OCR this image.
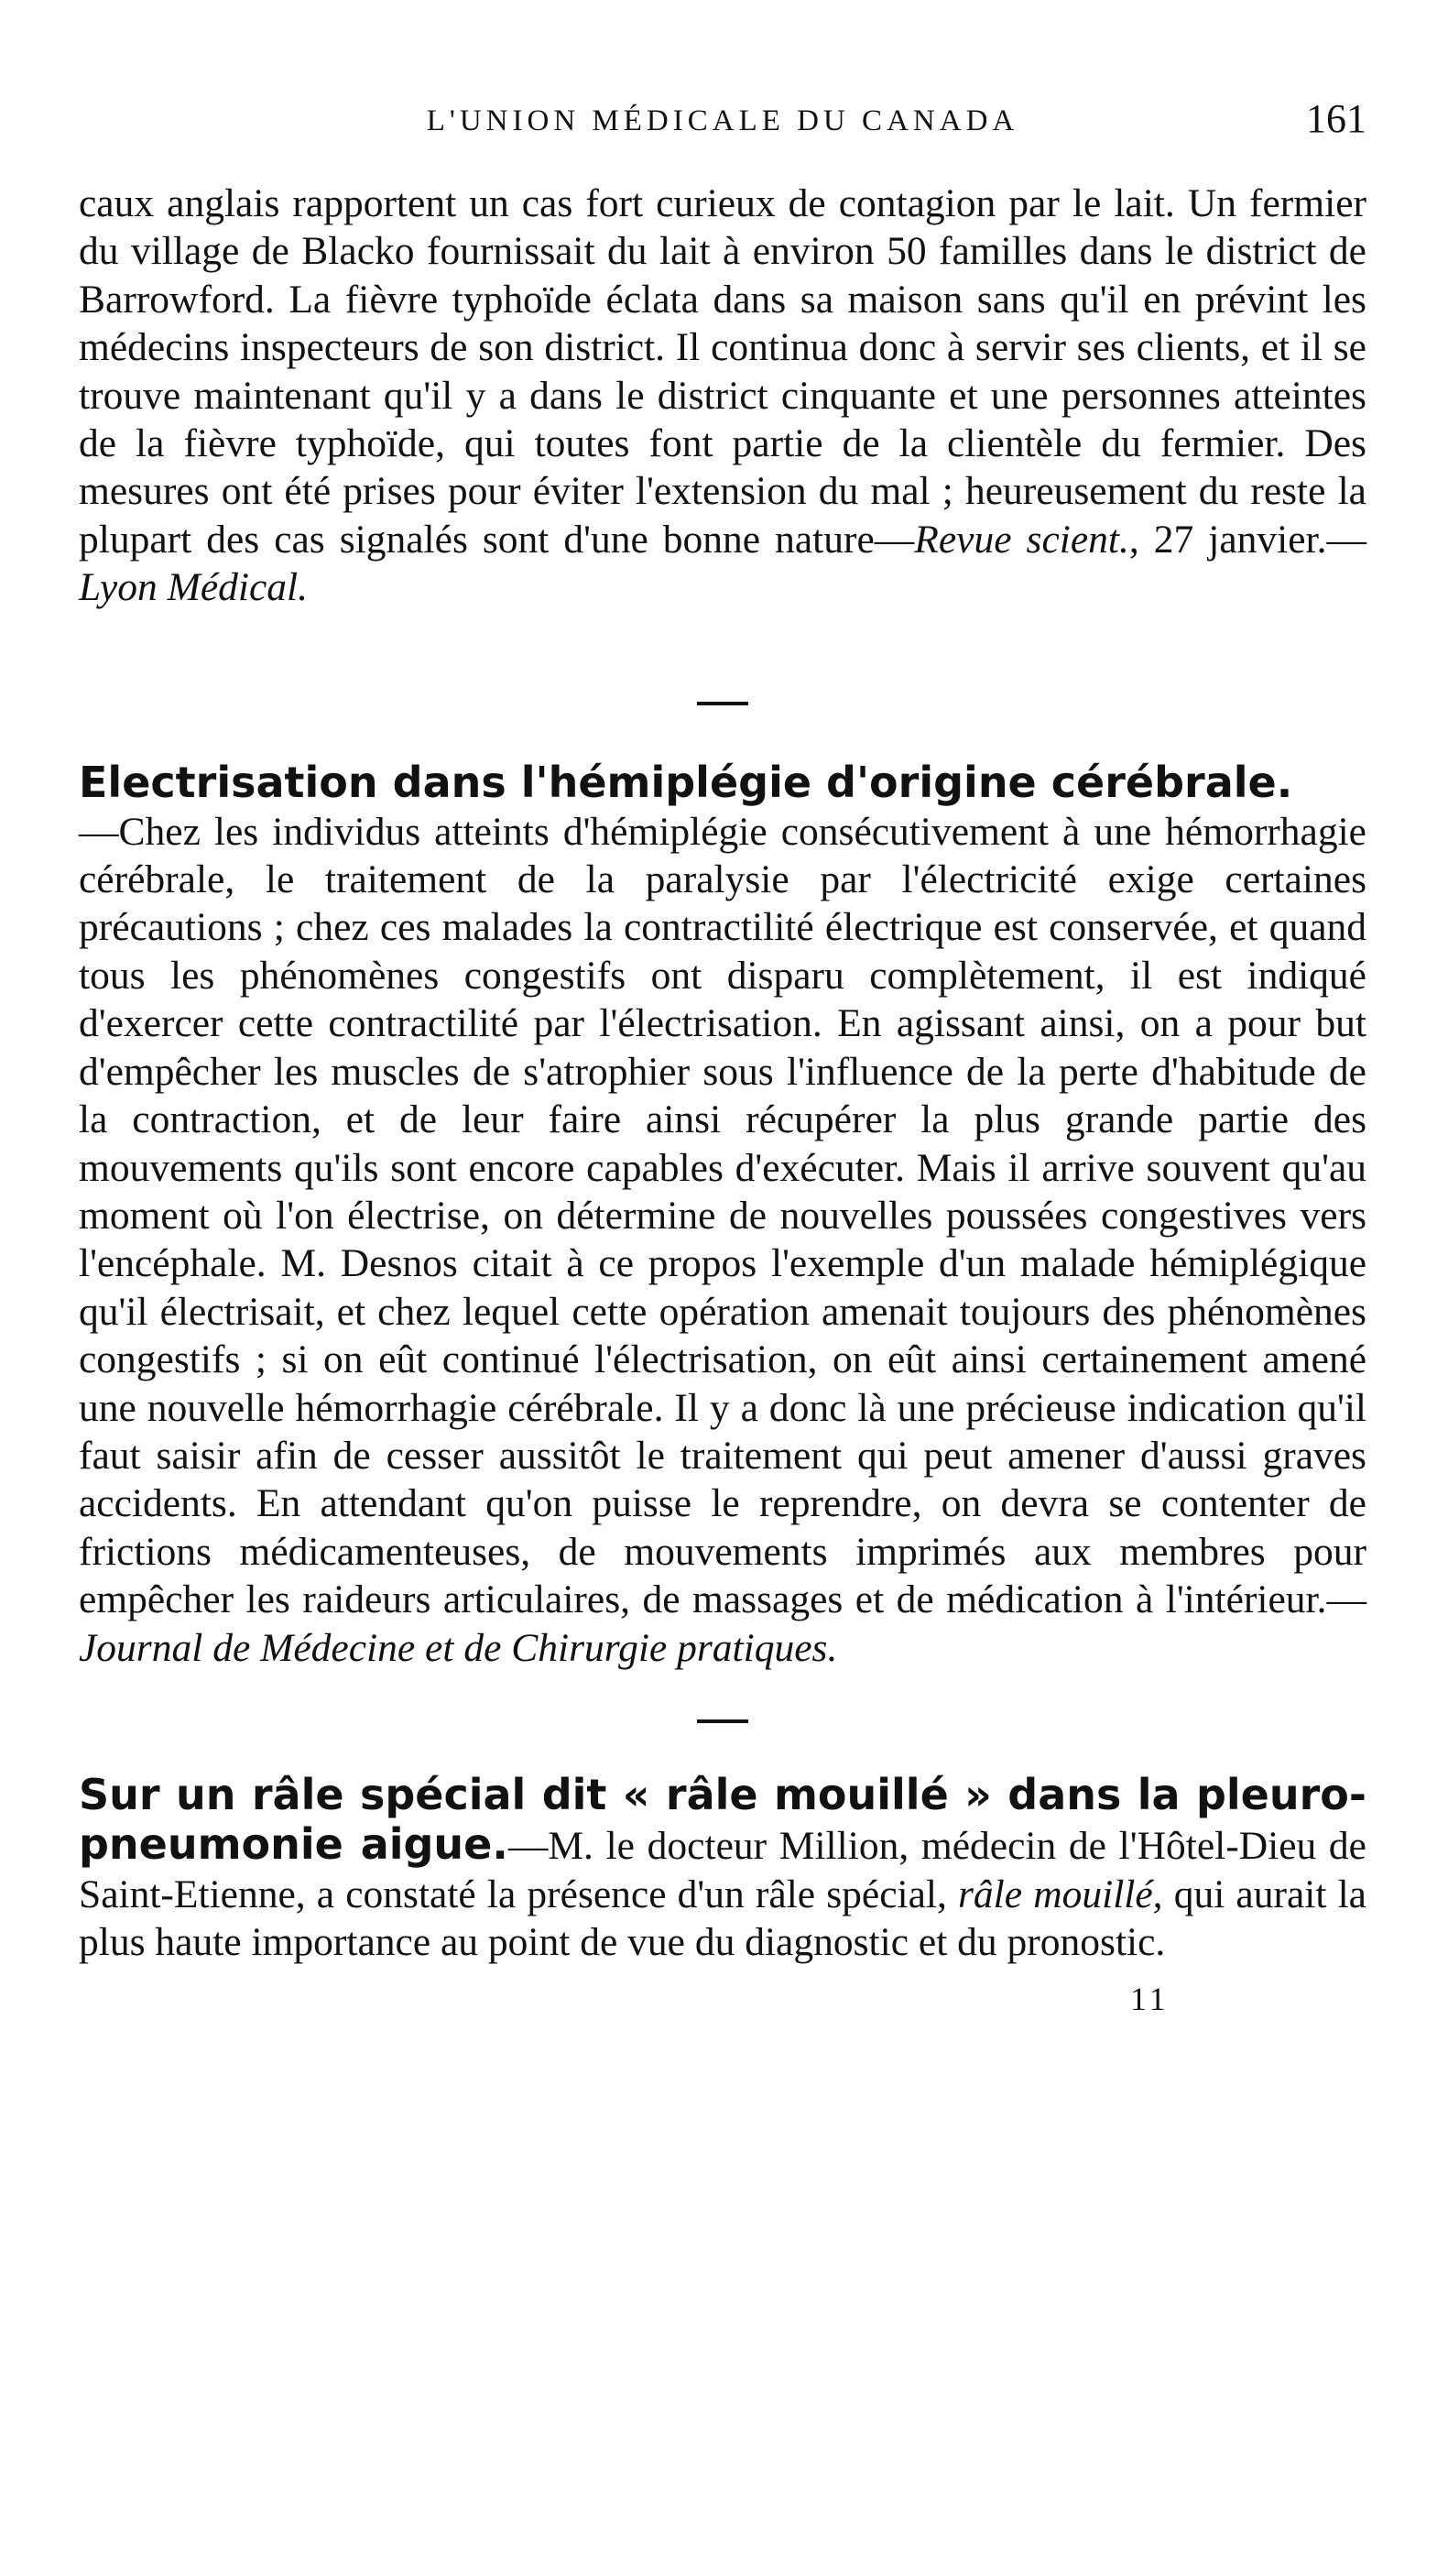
L'UNION MÉDICALE DU CANADA	161

caux anglais rapportent un cas fort curieux de contagion par le lait. Un fermier du village de Blacko fournissait du lait à environ 50 familles dans le district de Barrowford. La fièvre typhoïde éclata dans sa maison sans qu'il en prévint les médecins inspecteurs de son district. Il continua donc à servir ses clients, et il se trouve maintenant qu'il y a dans le district cinquante et une personnes atteintes de la fièvre typhoïde, qui toutes font partie de la clientèle du fermier. Des mesures ont été prises pour éviter l'extension du mal ; heureusement du reste la plupart des cas signalés sont d'une bonne nature—Revue scient., 27 janvier.—Lyon Médical.

Electrisation dans l'hémiplégie d'origine cérébrale.

—Chez les individus atteints d'hémiplégie consécutivement à une hémorrhagie cérébrale, le traitement de la paralysie par l'électricité exige certaines précautions ; chez ces malades la contractilité électrique est conservée, et quand tous les phénomènes congestifs ont disparu complètement, il est indiqué d'exercer cette contractilité par l'électrisation. En agissant ainsi, on a pour but d'empêcher les muscles de s'atrophier sous l'influence de la perte d'habitude de la contraction, et de leur faire ainsi récupérer la plus grande partie des mouvements qu'ils sont encore capables d'exécuter. Mais il arrive souvent qu'au moment où l'on électrise, on détermine de nouvelles poussées congestives vers l'encéphale. M. Desnos citait à ce propos l'exemple d'un malade hémiplégique qu'il électrisait, et chez lequel cette opération amenait toujours des phénomènes congestifs ; si on eût continué l'électrisation, on eût ainsi certainement amené une nouvelle hémorrhagie cérébrale. Il y a donc là une précieuse indication qu'il faut saisir afin de cesser aussitôt le traitement qui peut amener d'aussi graves accidents. En attendant qu'on puisse le reprendre, on devra se contenter de frictions médicamenteuses, de mouvements imprimés aux membres pour empêcher les raideurs articulaires, de massages et de médication à l'intérieur.—Journal de Médecine et de Chirurgie pratiques.

Sur un râle spécial dit « râle mouillé » dans la pleuro-pneumonie aigue.—M. le docteur Million, médecin de l'Hôtel-Dieu de Saint-Etienne, a constaté la présence d'un râle spécial, râle mouillé, qui aurait la plus haute importance au point de vue du diagnostic et du pronostic.

11
